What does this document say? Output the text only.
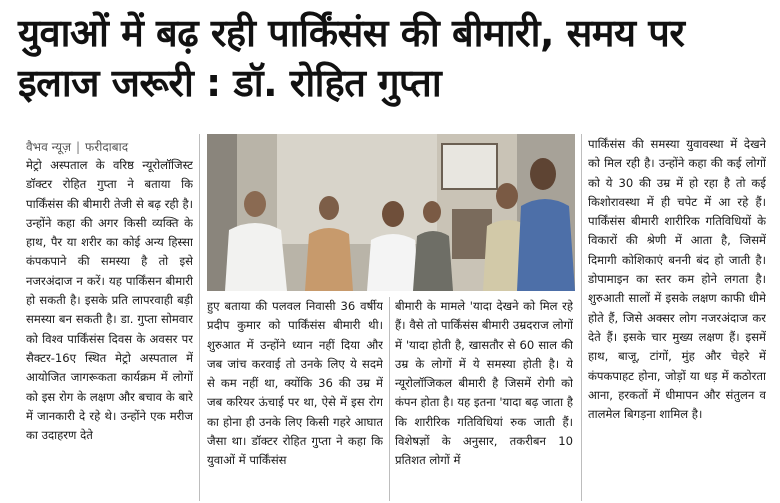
युवाओं में बढ़ रही पार्किंसंस की बीमारी, समय पर इलाज जरूरी : डॉ. रोहित गुप्ता
वैभव न्यूज़ | फरीदाबाद
मेट्रो अस्पताल के वरिष्ठ न्यूरोलॉजिस्ट डॉक्टर रोहित गुप्ता ने बताया कि पार्किंसंस की बीमारी तेजी से बढ़ रही है। उन्होंने कहा की अगर किसी व्यक्ति के हाथ, पैर या शरीर का कोई अन्य हिस्सा कंपकपाने की समस्या है तो इसे नजरअंदाज न करें। यह पार्किंसन बीमारी हो सकती है। इसके प्रति लापरवाही बड़ी समस्या बन सकती है। डा. गुप्ता सोमवार को विश्व पार्किंसंस दिवस के अवसर पर सैक्टर-16ए स्थित मेट्रो अस्पताल में आयोजित जागरूकता कार्यक्रम में लोगों को इस रोग के लक्षण और बचाव के बारे में जानकारी दे रहे थे। उन्होंने एक मरीज का उदाहरण देते
हुए बताया की पलवल निवासी 36 वर्षीय प्रदीप कुमार को पार्किंसंस बीमारी थी। शुरुआत में उन्होंने ध्यान नहीं दिया और जब जांच करवाई तो उनके लिए ये सदमे से कम नहीं था, क्योंकि 36 की उम्र में जब करियर ऊंचाई पर था, ऐसे में इस रोग का होना ही उनके लिए किसी गहरे आघात जैसा था। डॉक्टर रोहित गुप्ता ने कहा कि युवाओं में पार्किंसंस
बीमारी के मामले 'यादा देखने को मिल रहे हैं। वैसे तो पार्किंसंस बीमारी उम्रदराज लोगों में 'यादा होती है, खासतौर से 60 साल की उम्र के लोगों में ये समस्या होती है। ये न्यूरोलॉजिकल बीमारी है जिसमें रोगी को कंपन होता है। यह इतना 'यादा बढ़ जाता है कि शारीरिक गतिविधियां रुक जाती हैं। विशेषज्ञों के अनुसार, तकरीबन 10 प्रतिशत लोगों में
पार्किंसंस की समस्या युवावस्था में देखने को मिल रही है। उन्होंने कहा की कई लोगों को ये 30 की उम्र में हो रहा है तो कई किशोरावस्था में ही चपेट में आ रहे हैं। पार्किंसंस बीमारी शारीरिक गतिविधियों के विकारों की श्रेणी में आता है, जिसमें दिमागी कोशिकाएं बननी बंद हो जाती है। डोपामाइन का स्तर कम होने लगता है। शुरुआती सालों में इसके लक्षण काफी धीमे होते हैं, जिसे अक्सर लोग नजरअंदाज कर देते हैं। इसके चार मुख्य लक्षण हैं। इसमें हाथ, बाजू, टांगों, मुंह और चेहरे में कंपकपाहट होना, जोड़ों या धड़ में कठोरता आना, हरकतों में धीमापन और संतुलन व तालमेल बिगड़ना शामिल है।
